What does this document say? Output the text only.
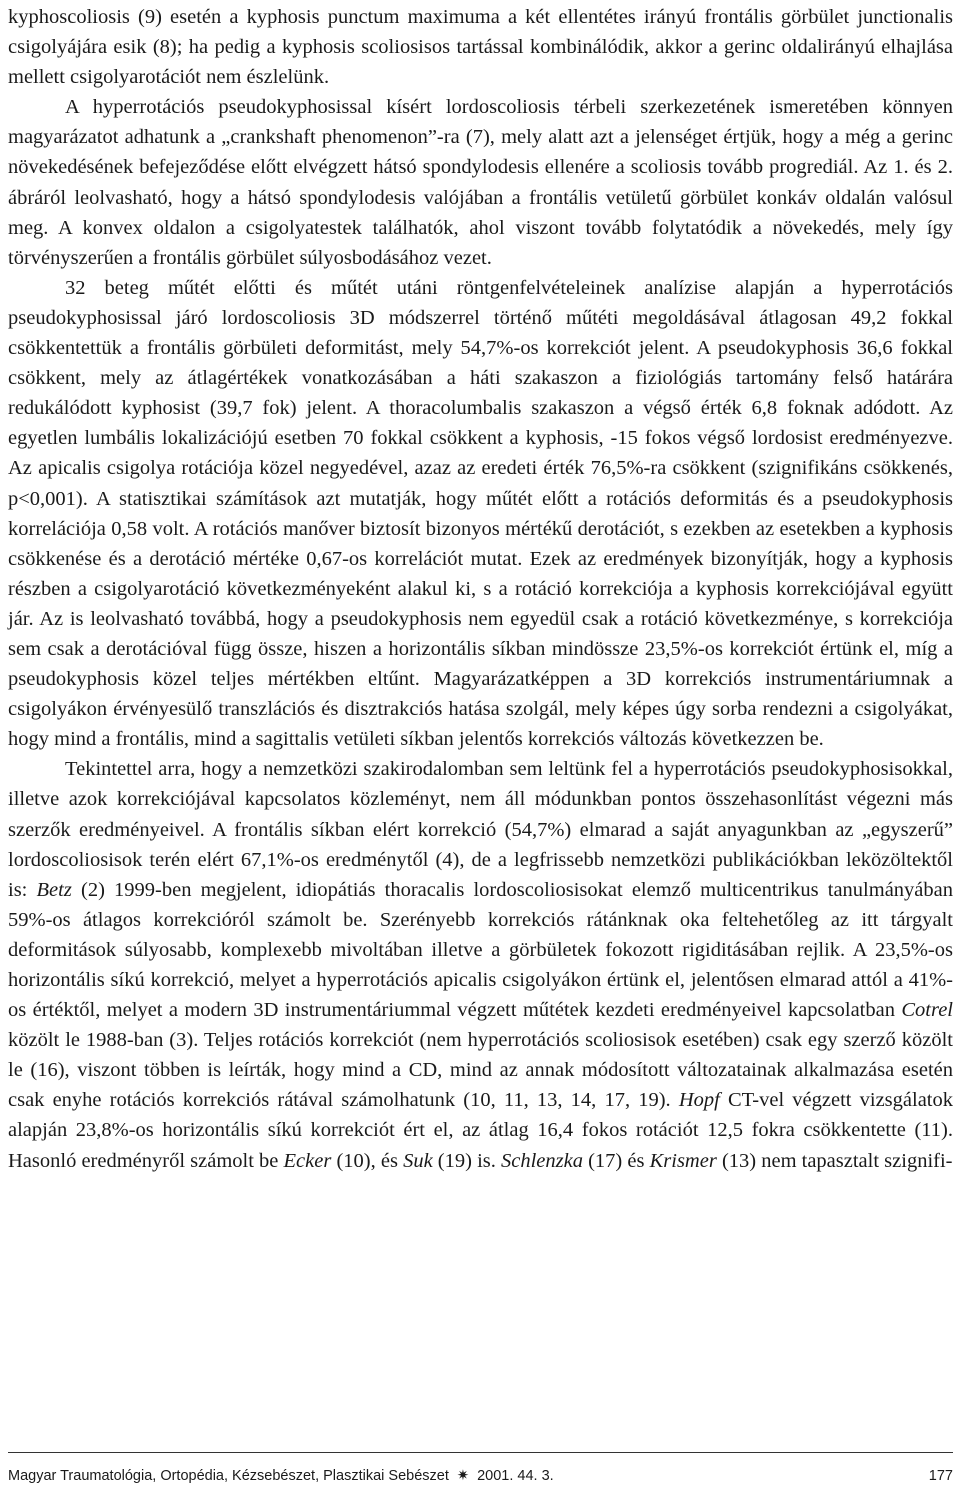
kyphoscoliosis (9) esetén a kyphosis punctum maximuma a két ellentétes irányú frontális görbület junctionalis csigolyájára esik (8); ha pedig a kyphosis scoliosisos tartással kombinálódik, akkor a gerinc oldalirányú elhajlása mellett csigolyarotációt nem észlelünk.

A hyperrotációs pseudokyphosissal kísért lordoscoliosis térbeli szerkezetének ismeretében könnyen magyarázatot adhatunk a „crankshaft phenomenon”-ra (7), mely alatt azt a jelenséget értjük, hogy a még a gerinc növekedésének befejeződése előtt elvégzett hátsó spondylodesis ellenére a scoliosis tovább progrediál. Az 1. és 2. ábráról leolvasható, hogy a hátsó spondylodesis valójában a frontális vetületű görbület konkáv oldalán valósul meg. A konvex oldalon a csigolyatestek találhatók, ahol viszont tovább folytatódik a növekedés, mely így törvényszerűen a frontális görbület súlyosbodásához vezet.

32 beteg műtét előtti és műtét utáni röntgenfelvételeinek analízise alapján a hyperrotációs pseudokyphosissal járó lordoscoliosis 3D módszerrel történő műtéti megoldásával átlagosan 49,2 fokkal csökkentettük a frontális görbületi deformitást, mely 54,7%-os korrekciót jelent. A pseudokyphosis 36,6 fokkal csökkent, mely az átlagértékek vonatkozásában a háti szakaszon a fiziológiás tartomány felső határára redukálódott kyphosist (39,7 fok) jelent. A thoracolumbalis szakaszon a végső érték 6,8 foknak adódott. Az egyetlen lumbális lokalizációjú esetben 70 fokkal csökkent a kyphosis, -15 fokos végső lordosist eredményezve. Az apicalis csigolya rotációja közel negyedével, azaz az eredeti érték 76,5%-ra csökkent (szignifikáns csökkenés, p<0,001). A statisztikai számítások azt mutatják, hogy műtét előtt a rotációs deformitás és a pseudokyphosis korrelációja 0,58 volt. A rotációs manőver biztosít bizonyos mértékű derotációt, s ezekben az esetekben a kyphosis csökkenése és a derotáció mértéke 0,67-os korrelációt mutat. Ezek az eredmények bizonyítják, hogy a kyphosis részben a csigolyarotáció következményeként alakul ki, s a rotáció korrekciója a kyphosis korrekciójával együtt jár. Az is leolvasható továbbá, hogy a pseudokyphosis nem egyedül csak a rotáció következménye, s korrekciója sem csak a derotációval függ össze, hiszen a horizontális síkban mindössze 23,5%-os korrekciót értünk el, míg a pseudokyphosis közel teljes mértékben eltűnt. Magyarázatképpen a 3D korrekciós instrumentáriumnak a csigolyákon érvényesülő transzlációs és disztrakciós hatása szolgál, mely képes úgy sorba rendezni a csigolyákat, hogy mind a frontális, mind a sagittalis vetületi síkban jelentős korrekciós változás következzen be.

Tekintettel arra, hogy a nemzetközi szakirodalomban sem leltünk fel a hyperrotációs pseudokyphosisokkal, illetve azok korrekciójával kapcsolatos közleményt, nem áll módunkban pontos összehasonlítást végezni más szerzők eredményeivel. A frontális síkban elért korrekció (54,7%) elmarad a saját anyagunkban az „egyszerű” lordoscoliosisok terén elért 67,1%-os eredménytől (4), de a legfrissebb nemzetközi publikációkban leközöltektől is: Betz (2) 1999-ben megjelent, idiopátiás thoracalis lordoscoliosisokat elemző multicentrikus tanulmányában 59%-os átlagos korrekcióról számolt be. Szerényebb korrekciós rátánknak oka feltehetőleg az itt tárgyalt deformitások súlyosabb, komplexebb mivoltában illetve a görbületek fokozott rigiditásában rejlik. A 23,5%-os horizontális síkú korrekció, melyet a hyperrotációs apicalis csigolyákon értünk el, jelentősen elmarad attól a 41%-os értéktől, melyet a modern 3D instrumentáriummal végzett műtétek kezdeti eredményeivel kapcsolatban Cotrel közölt le 1988-ban (3). Teljes rotációs korrekciót (nem hyperrotációs scoliosisok esetében) csak egy szerző közölt le (16), viszont többen is leírták, hogy mind a CD, mind az annak módosított változatainak alkalmazása esetén csak enyhe rotációs korrekciós rátával számolhatunk (10, 11, 13, 14, 17, 19). Hopf CT-vel végzett vizsgálatok alapján 23,8%-os horizontális síkú korrekciót ért el, az átlag 16,4 fokos rotációt 12,5 fokra csökkentette (11). Hasonló eredményről számolt be Ecker (10), és Suk (19) is. Schlenzka (17) és Krismer (13) nem tapasztalt szignifi-

Magyar Traumatológia, Ortopédia, Kézsebészet, Plasztikai Sebészet ✷ 2001. 44. 3.	177
